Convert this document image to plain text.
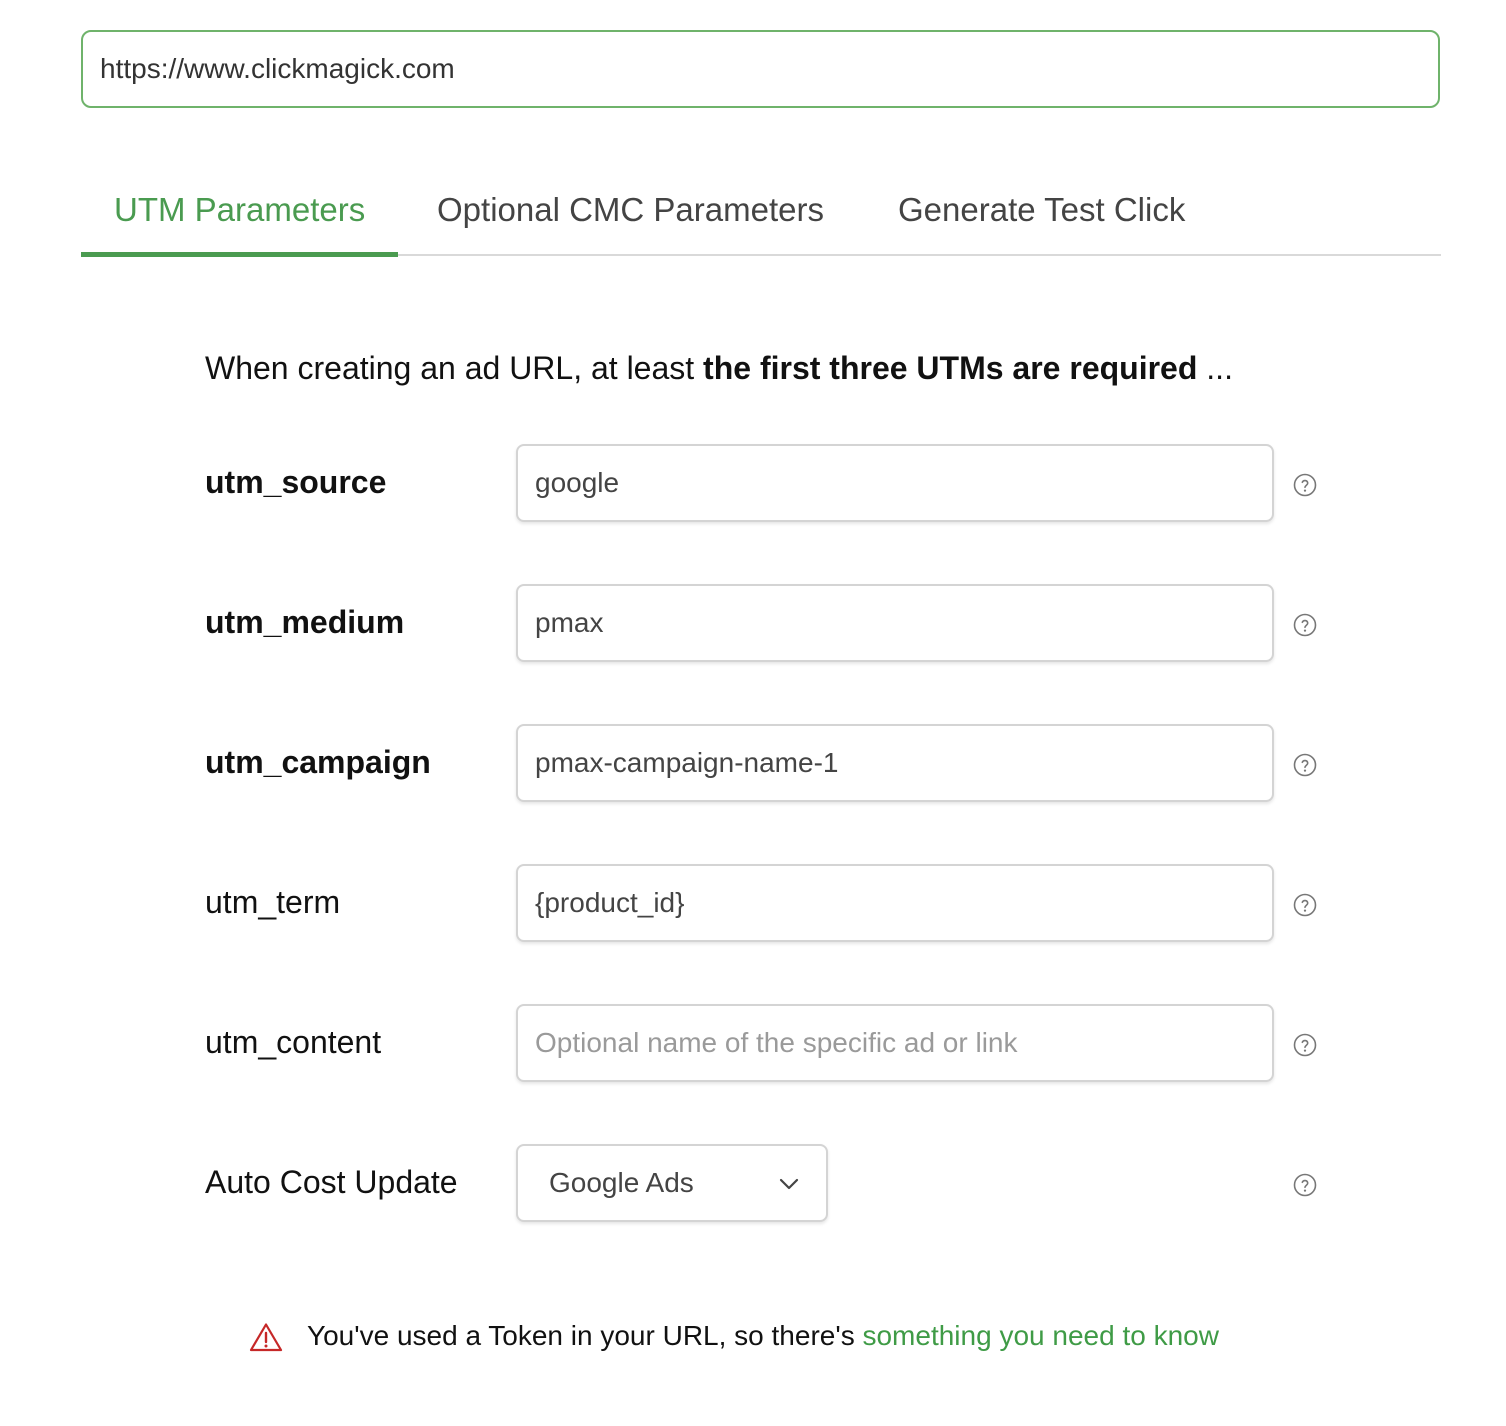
https://www.clickmagick.com
UTM Parameters Optional CMC Parameters Generate Test Click
When creating an ad URL, at least the first three UTMs are required ...
utm_source
google
utm_medium
pmax
utm_campaign
pmax-campaign-name-1
utm_term
{product_id}
utm_content
Optional name of the specific ad or link
Auto Cost Update	Google Ads
You've used a Token in your URL, so there's something you need to know
